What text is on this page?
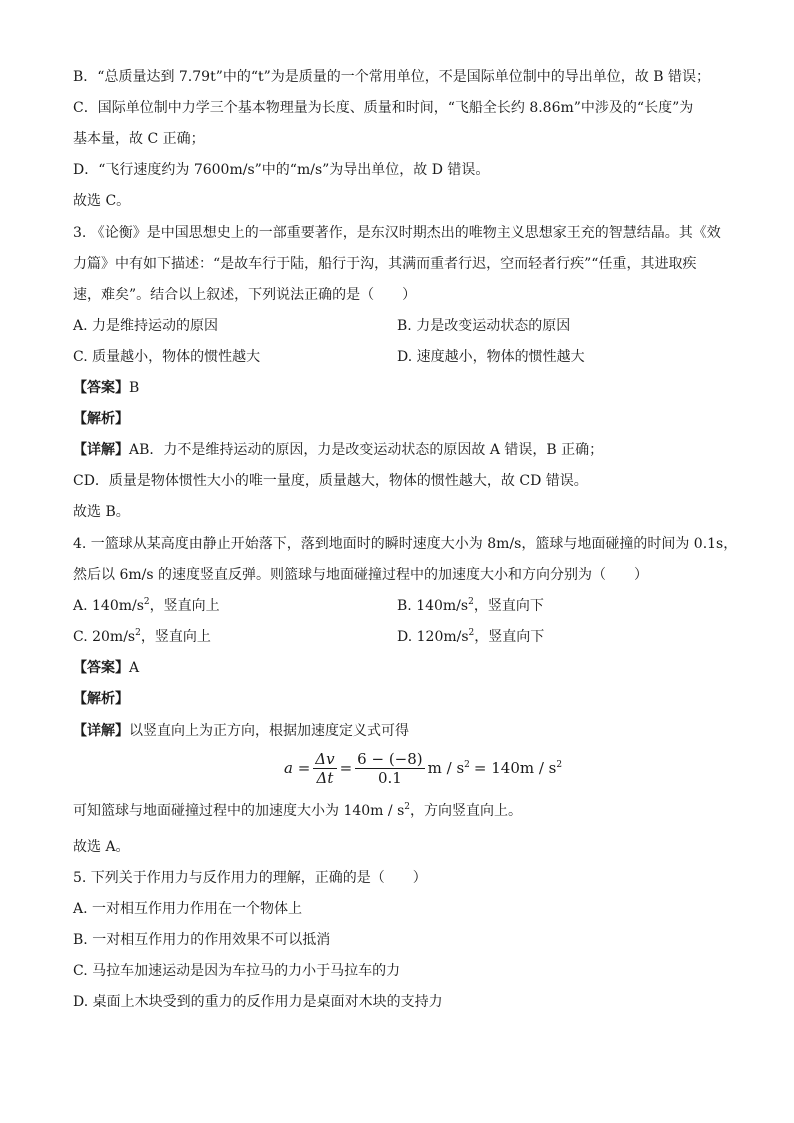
B．“总质量达到 7.79t”中的“t”为是质量的一个常用单位，不是国际单位制中的导出单位，故 B 错误；
C．国际单位制中力学三个基本物理量为长度、质量和时间，“飞船全长约 8.86m”中涉及的“长度”为
基本量，故 C 正确；
D．“飞行速度约为 7600m/s”中的“m/s”为导出单位，故 D 错误。
故选 C。
3. 《论衡》是中国思想史上的一部重要著作，是东汉时期杰出的唯物主义思想家王充的智慧结晶。其《效
力篇》中有如下描述：“是故车行于陆，船行于沟，其满而重者行迟，空而轻者行疾”“任重，其进取疾
速，难矣”。结合以上叙述，下列说法正确的是（　　）
A. 力是维持运动的原因	B. 力是改变运动状态的原因
C. 质量越小，物体的惯性越大	D. 速度越小，物体的惯性越大
【答案】B
【解析】
【详解】AB．力不是维持运动的原因，力是改变运动状态的原因故 A 错误，B 正确；
CD．质量是物体惯性大小的唯一量度，质量越大，物体的惯性越大，故 CD 错误。
故选 B。
4. 一篮球从某高度由静止开始落下，落到地面时的瞬时速度大小为 8m/s，篮球与地面碰撞的时间为 0.1s，
然后以 6m/s 的速度竖直反弹。则篮球与地面碰撞过程中的加速度大小和方向分别为（　　）
A. $140m/s^2$，竖直向上	B. $140m/s^2$，竖直向下
C. $20m/s^2$，竖直向上	D. $120m/s^2$，竖直向下
【答案】A
【解析】
【详解】以竖直向上为正方向，根据加速度定义式可得
$a = \frac{\Delta v}{\Delta t} = \frac{6 - (-8)}{0.1}$ $m / s^2 = 140m / s^2$
可知篮球与地面碰撞过程中的加速度大小为 $140m / s^2$，方向竖直向上。
故选 A。
5. 下列关于作用力与反作用力的理解，正确的是（　　）
A. 一对相互作用力作用在一个物体上
B. 一对相互作用力的作用效果不可以抵消
C. 马拉车加速运动是因为车拉马的力小于马拉车的力
D. 桌面上木块受到的重力的反作用力是桌面对木块的支持力
